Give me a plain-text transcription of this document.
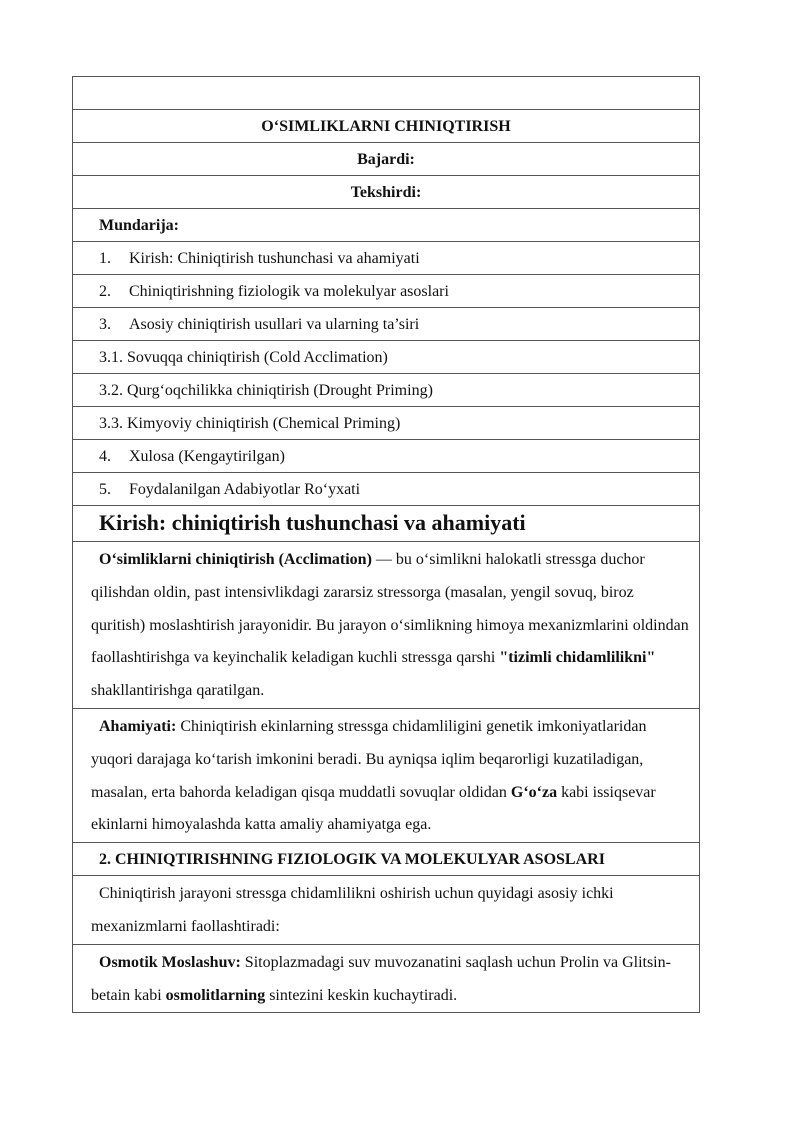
O‘SIMLIKLARNI CHINIQTIRISH
Bajardi:
Tekshirdi:
Mundarija:
1. Kirish: Chiniqtirish tushunchasi va ahamiyati
2. Chiniqtirishning fiziologik va molekulyar asoslari
3. Asosiy chiniqtirish usullari va ularning ta’siri
3.1. Sovuqqa chiniqtirish (Cold Acclimation)
3.2. Qurg‘oqchilikka chiniqtirish (Drought Priming)
3.3. Kimyoviy chiniqtirish (Chemical Priming)
4. Xulosa (Kengaytirilgan)
5. Foydalanilgan Adabiyotlar Ro‘yxati
Kirish: chiniqtirish tushunchasi va ahamiyati
O‘simliklarni chiniqtirish (Acclimation) — bu o‘simlikni halokatli stressga duchor qilishdan oldin, past intensivlikdagi zararsiz stressorga (masalan, yengil sovuq, biroz quritish) moslashtirish jarayonidir. Bu jarayon o‘simlikning himoya mexanizmlarini oldindan faollashtirishga va keyinchalik keladigan kuchli stressga qarshi "tizimli chidamlilikni" shakllantirishga qaratilgan.
Ahamiyati: Chiniqtirish ekinlarning stressga chidamliligini genetik imkoniyatlaridan yuqori darajaga ko‘tarish imkonini beradi. Bu ayniqsa iqlim beqarorligi kuzatiladigan, masalan, erta bahorda keladigan qisqa muddatli sovuqlar oldidan G‘o‘za kabi issiqsevar ekinlarni himoyalashda katta amaliy ahamiyatga ega.
2. CHINIQTIRISHNING FIZIOLOGIK VA MOLEKULYAR ASOSLARI
Chiniqtirish jarayoni stressga chidamlilikni oshirish uchun quyidagi asosiy ichki mexanizmlarni faollashtiradi:
Osmotik Moslashuv: Sitoplazmadagi suv muvozanatini saqlash uchun Prolin va Glitsin-betain kabi osmolitlarning sintezini keskin kuchaytiradi.
